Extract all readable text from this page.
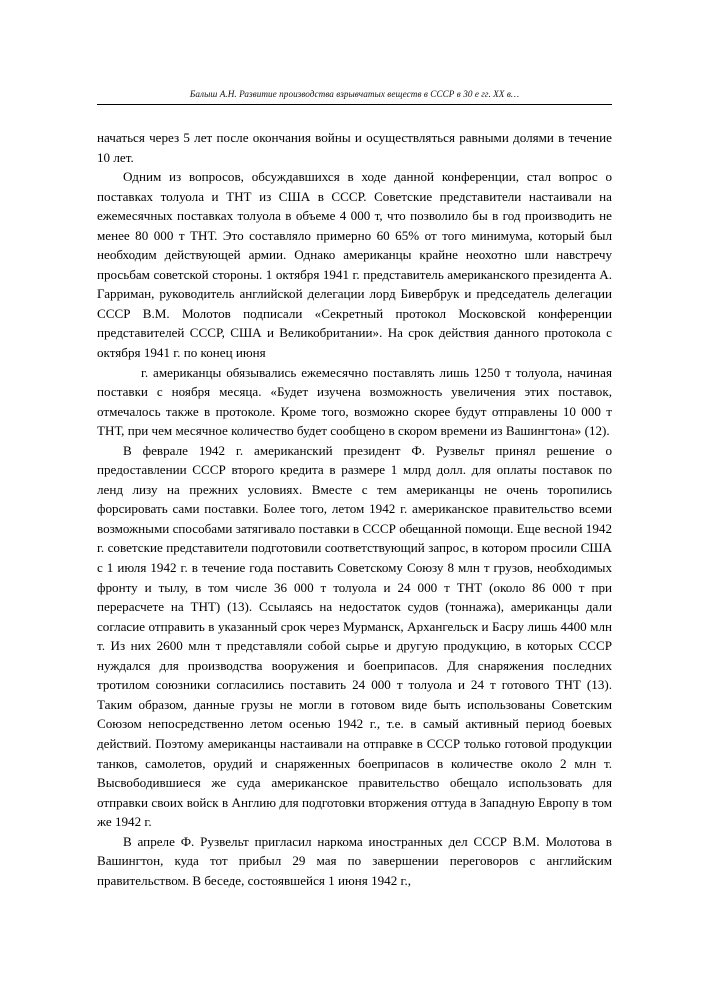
Балыш А.Н. Развитие производства взрывчатых веществ в СССР в 30 е гг. XX в…

начаться через 5 лет после окончания войны и осуществляться равными долями в течение 10 лет.

Одним из вопросов, обсуждавшихся в ходе данной конференции, стал вопрос о поставках толуола и ТНТ из США в СССР. Советские представители настаивали на ежемесячных поставках толуола в объеме 4 000 т, что позволило бы в год производить не менее 80 000 т ТНТ. Это составляло примерно 60 65% от того минимума, который был необходим действующей армии. Однако американцы крайне неохотно шли навстречу просьбам советской стороны. 1 октября 1941 г. представитель американского президента А. Гарриман, руководитель английской делегации лорд Бивербрук и председатель делегации СССР В.М. Молотов подписали «Секретный протокол Московской конференции представителей СССР, США и Великобритании». На срок действия данного протокола с октября 1941 г. по конец июня

г. американцы обязывались ежемесячно поставлять лишь 1250 т толуола, начиная поставки с ноября месяца. «Будет изучена возможность увеличения этих поставок, отмечалось также в протоколе. Кроме того, возможно скорее будут отправлены 10 000 т ТНТ, при чем месячное количество будет сообщено в скором времени из Вашингтона» (12).

В феврале 1942 г. американский президент Ф. Рузвельт принял решение о предоставлении СССР второго кредита в размере 1 млрд долл. для оплаты поставок по ленд лизу на прежних условиях. Вместе с тем американцы не очень торопились форсировать сами поставки. Более того, летом 1942 г. американское правительство всеми возможными способами затягивало поставки в СССР обещанной помощи. Еще весной 1942 г. советские представители подготовили соответствующий запрос, в котором просили США с 1 июля 1942 г. в течение года поставить Советскому Союзу 8 млн т грузов, необходимых фронту и тылу, в том числе 36 000 т толуола и 24 000 т ТНТ (около 86 000 т при перерасчете на ТНТ) (13). Ссылаясь на недостаток судов (тоннажа), американцы дали согласие отправить в указанный срок через Мурманск, Архангельск и Басру лишь 4400 млн т. Из них 2600 млн т представляли собой сырье и другую продукцию, в которых СССР нуждался для производства вооружения и боеприпасов. Для снаряжения последних тротилом союзники согласились поставить 24 000 т толуола и 24 т готового ТНТ (13). Таким образом, данные грузы не могли в готовом виде быть использованы Советским Союзом непосредственно летом осенью 1942 г., т.е. в самый активный период боевых действий. Поэтому американцы настаивали на отправке в СССР только готовой продукции танков, самолетов, орудий и снаряженных боеприпасов в количестве около 2 млн т. Высвободившиеся же суда американское правительство обещало использовать для отправки своих войск в Англию для подготовки вторжения оттуда в Западную Европу в том же 1942 г.

В апреле Ф. Рузвельт пригласил наркома иностранных дел СССР В.М. Молотова в Вашингтон, куда тот прибыл 29 мая по завершении переговоров с английским правительством. В беседе, состоявшейся 1 июня 1942 г.,
